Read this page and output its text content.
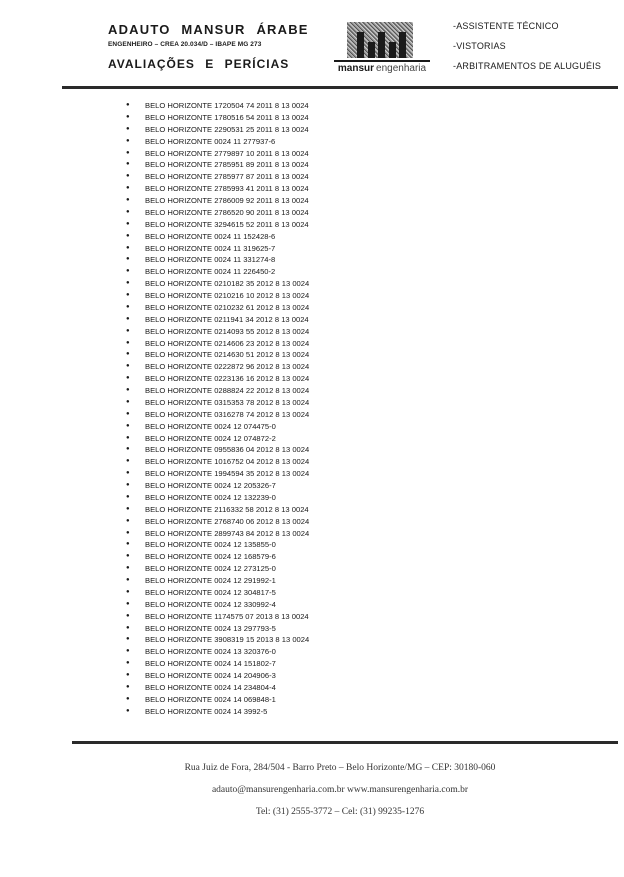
ADAUTO MANSUR ÁRABE
ENGENHEIRO – CREA 20.034/D – IBAPE MG 273
AVALIAÇÕES E PERÍCIAS	mansur engenharia
-ASSISTENTE TÉCNICO
-VISTORIAS
-ARBITRAMENTOS DE ALUGUÉIS
● BELO HORIZONTE 1720504 74 2011 8 13 0024
● BELO HORIZONTE 1780516 54 2011 8 13 0024
● BELO HORIZONTE 2290531 25 2011 8 13 0024
● BELO HORIZONTE 0024 11 277937-6
● BELO HORIZONTE 2779897 10 2011 8 13 0024
● BELO HORIZONTE 2785951 89 2011 8 13 0024
● BELO HORIZONTE 2785977 87 2011 8 13 0024
● BELO HORIZONTE 2785993 41 2011 8 13 0024
● BELO HORIZONTE 2786009 92 2011 8 13 0024
● BELO HORIZONTE 2786520 90 2011 8 13 0024
● BELO HORIZONTE 3294615 52 2011 8 13 0024
● BELO HORIZONTE 0024 11 152428-6
● BELO HORIZONTE 0024 11 319625-7
● BELO HORIZONTE 0024 11 331274-8
● BELO HORIZONTE 0024 11 226450-2
● BELO HORIZONTE 0210182 35 2012 8 13 0024
● BELO HORIZONTE 0210216 10 2012 8 13 0024
● BELO HORIZONTE 0210232 61 2012 8 13 0024
● BELO HORIZONTE 0211941 34 2012 8 13 0024
● BELO HORIZONTE 0214093 55 2012 8 13 0024
● BELO HORIZONTE 0214606 23 2012 8 13 0024
● BELO HORIZONTE 0214630 51 2012 8 13 0024
● BELO HORIZONTE 0222872 96 2012 8 13 0024
● BELO HORIZONTE 0223136 16 2012 8 13 0024
● BELO HORIZONTE 0288824 22 2012 8 13 0024
● BELO HORIZONTE 0315353 78 2012 8 13 0024
● BELO HORIZONTE 0316278 74 2012 8 13 0024
● BELO HORIZONTE 0024 12 074475-0
● BELO HORIZONTE 0024 12 074872-2
● BELO HORIZONTE 0955836 04 2012 8 13 0024
● BELO HORIZONTE 1016752 04 2012 8 13 0024
● BELO HORIZONTE 1994594 35 2012 8 13 0024
● BELO HORIZONTE 0024 12 205326-7
● BELO HORIZONTE 0024 12 132239-0
● BELO HORIZONTE 2116332 58 2012 8 13 0024
● BELO HORIZONTE 2768740 06 2012 8 13 0024
● BELO HORIZONTE 2899743 84 2012 8 13 0024
● BELO HORIZONTE 0024 12 135855-0
● BELO HORIZONTE 0024 12 168579-6
● BELO HORIZONTE 0024 12 273125-0
● BELO HORIZONTE 0024 12 291992-1
● BELO HORIZONTE 0024 12 304817-5
● BELO HORIZONTE 0024 12 330992-4
● BELO HORIZONTE 1174575 07 2013 8 13 0024
● BELO HORIZONTE 0024 13 297793-5
● BELO HORIZONTE 3908319 15 2013 8 13 0024
● BELO HORIZONTE 0024 13 320376-0
● BELO HORIZONTE 0024 14 151802-7
● BELO HORIZONTE 0024 14 204906-3
● BELO HORIZONTE 0024 14 234804-4
● BELO HORIZONTE 0024 14 069848-1
● BELO HORIZONTE 0024 14 3992-5
Rua Juiz de Fora, 284/504 - Barro Preto – Belo Horizonte/MG – CEP: 30180-060
adauto@mansurengenharia.com.br www.mansurengenharia.com.br
Tel: (31) 2555-3772 – Cel: (31) 99235-1276
